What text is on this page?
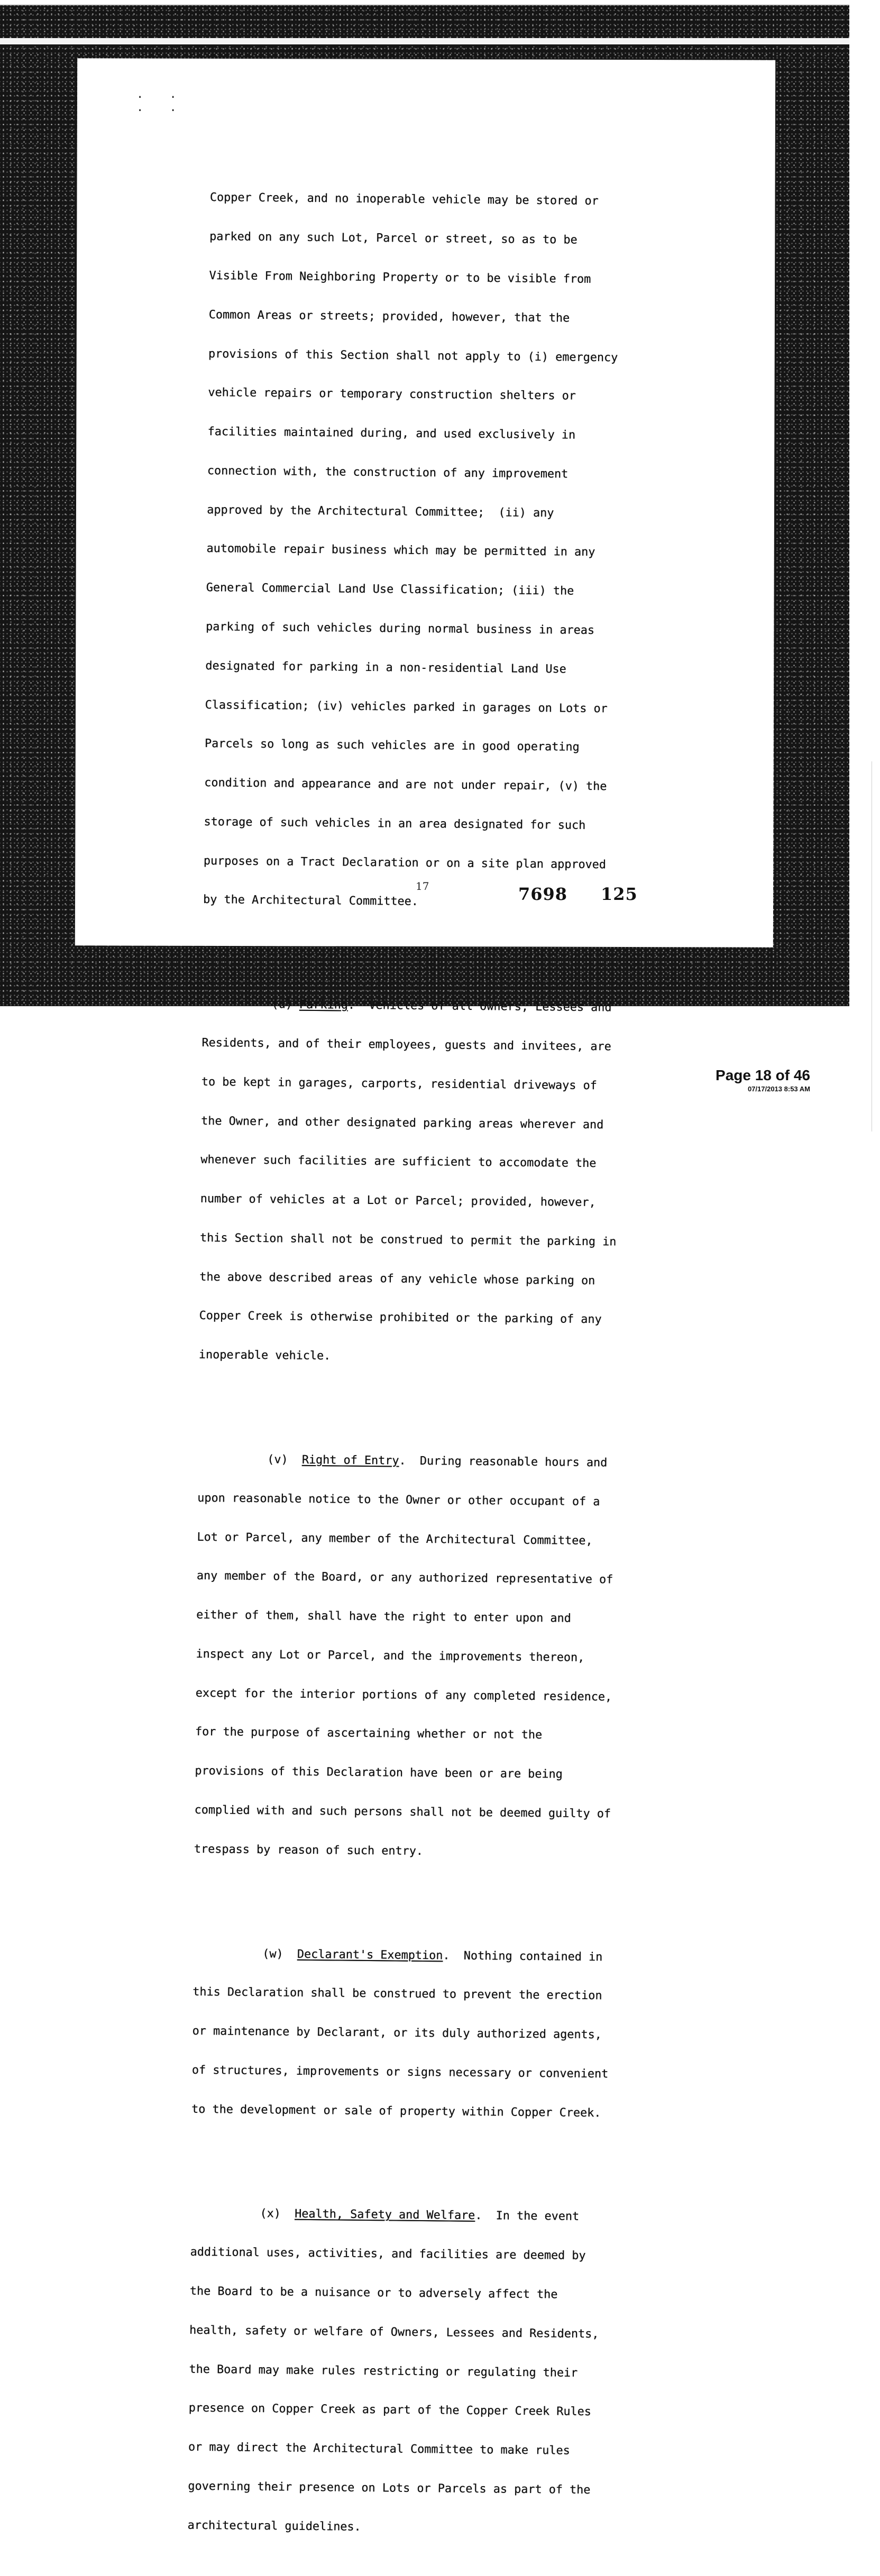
· · · ·

Copper Creek, and no inoperable vehicle may be stored or

parked on any such Lot, Parcel or street, so as to be

Visible From Neighboring Property or to be visible from

Common Areas or streets; provided, however, that the

provisions of this Section shall not apply to (i) emergency

vehicle repairs or temporary construction shelters or

facilities maintained during, and used exclusively in

connection with, the construction of any improvement

approved by the Architectural Committee;  (ii) any

automobile repair business which may be permitted in any

General Commercial Land Use Classification; (iii) the

parking of such vehicles during normal business in areas

designated for parking in a non-residential Land Use

Classification; (iv) vehicles parked in garages on Lots or

Parcels so long as such vehicles are in good operating

condition and appearance and are not under repair, (v) the

storage of such vehicles in an area designated for such

purposes on a Tract Declaration or on a site plan approved

by the Architectural Committee.

(u) Parking.  Vehicles of all Owners, Lessees and

Residents, and of their employees, guests and invitees, are

to be kept in garages, carports, residential driveways of

the Owner, and other designated parking areas wherever and

whenever such facilities are sufficient to accomodate the

number of vehicles at a Lot or Parcel; provided, however,

this Section shall not be construed to permit the parking in

the above described areas of any vehicle whose parking on

Copper Creek is otherwise prohibited or the parking of any

inoperable vehicle.

(v)  Right of Entry.  During reasonable hours and

upon reasonable notice to the Owner or other occupant of a

Lot or Parcel, any member of the Architectural Committee,

any member of the Board, or any authorized representative of

either of them, shall have the right to enter upon and

inspect any Lot or Parcel, and the improvements thereon,

except for the interior portions of any completed residence,

for the purpose of ascertaining whether or not the

provisions of this Declaration have been or are being

complied with and such persons shall not be deemed guilty of

trespass by reason of such entry.

(w)  Declarant's Exemption.  Nothing contained in

this Declaration shall be construed to prevent the erection

or maintenance by Declarant, or its duly authorized agents,

of structures, improvements or signs necessary or convenient

to the development or sale of property within Copper Creek.

(x)  Health, Safety and Welfare.  In the event

additional uses, activities, and facilities are deemed by

the Board to be a nuisance or to adversely affect the

health, safety or welfare of Owners, Lessees and Residents,

the Board may make rules restricting or regulating their

presence on Copper Creek as part of the Copper Creek Rules

or may direct the Architectural Committee to make rules

governing their presence on Lots or Parcels as part of the

architectural guidelines.

17	7698 125
Page 18 of 46
07/17/2013 8:53 AM
